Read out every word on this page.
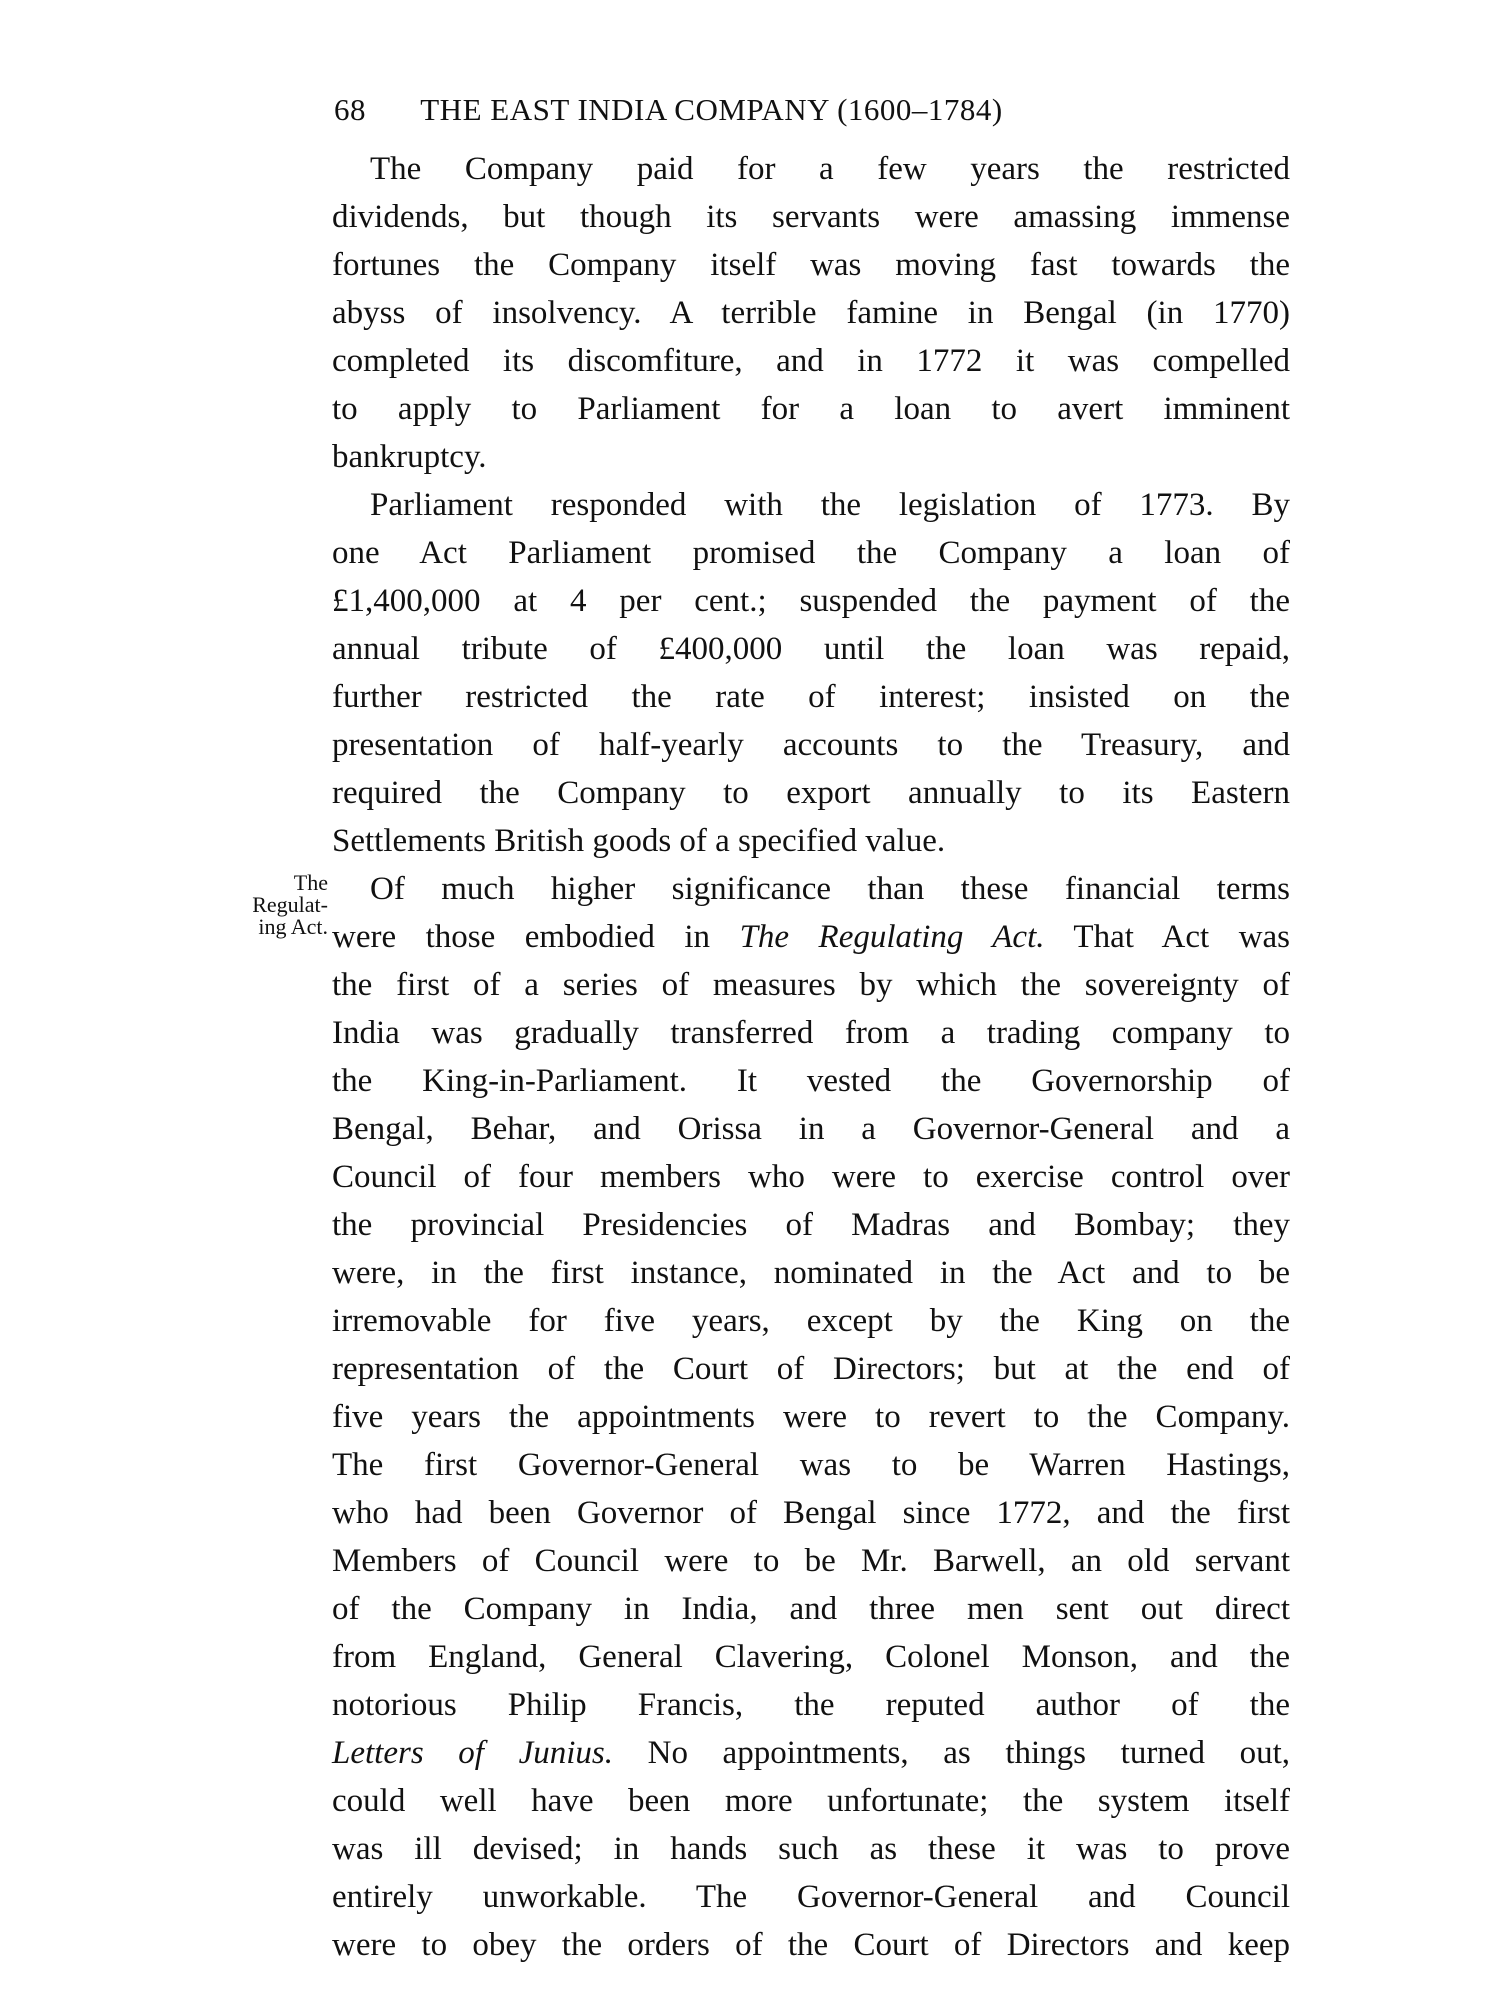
68 THE EAST INDIA COMPANY (1600–1784)
The
Regulat-
ing Act.
The Company paid for a few years the restricted
dividends, but though its servants were amassing immense
fortunes the Company itself was moving fast towards the
abyss of insolvency. A terrible famine in Bengal (in 1770)
completed its discomfiture, and in 1772 it was compelled
to apply to Parliament for a loan to avert imminent
bankruptcy.
Parliament responded with the legislation of 1773. By
one Act Parliament promised the Company a loan of
£1,400,000 at 4 per cent.; suspended the payment of the
annual tribute of £400,000 until the loan was repaid,
further restricted the rate of interest; insisted on the
presentation of half-yearly accounts to the Treasury, and
required the Company to export annually to its Eastern
Settlements British goods of a specified value.
Of much higher significance than these financial terms
were those embodied in The Regulating Act. That Act was
the first of a series of measures by which the sovereignty of
India was gradually transferred from a trading company to
the King-in-Parliament. It vested the Governorship of
Bengal, Behar, and Orissa in a Governor-General and a
Council of four members who were to exercise control over
the provincial Presidencies of Madras and Bombay; they
were, in the first instance, nominated in the Act and to be
irremovable for five years, except by the King on the
representation of the Court of Directors; but at the end of
five years the appointments were to revert to the Company.
The first Governor-General was to be Warren Hastings,
who had been Governor of Bengal since 1772, and the first
Members of Council were to be Mr. Barwell, an old servant
of the Company in India, and three men sent out direct
from England, General Clavering, Colonel Monson, and the
notorious Philip Francis, the reputed author of the
Letters of Junius. No appointments, as things turned out,
could well have been more unfortunate; the system itself
was ill devised; in hands such as these it was to prove
entirely unworkable. The Governor-General and Council
were to obey the orders of the Court of Directors and keep
